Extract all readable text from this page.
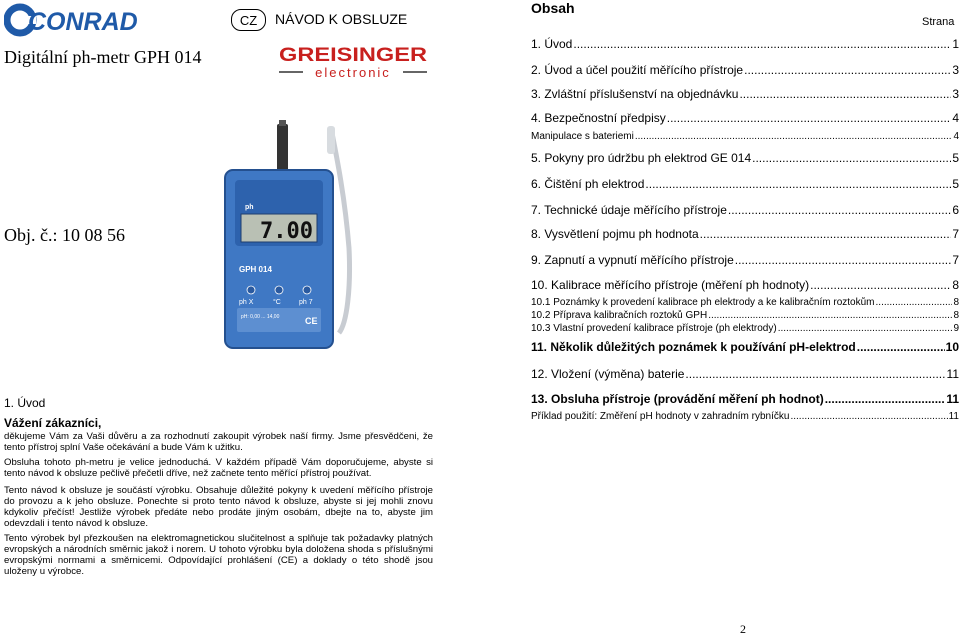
CONRAD	CZ NÁVOD K OBSLUZE
Digitální ph-metr GPH 014	GREISINGER
electronic
Obj. č.: 10 08 56
ph
7.00
GPH 014
ph X	°C	ph 7
pH: 0,00 ... 14,00	CE
1. Úvod
Vážení zákazníci,
děkujeme Vám za Vaši důvěru a za rozhodnutí zakoupit výrobek naší firmy. Jsme přesvědčeni, že tento přístroj splní Vaše očekávání a bude Vám k užitku.
Obsluha tohoto ph-metru je velice jednoduchá. V každém případě Vám doporučujeme, abyste si tento návod k obsluze pečlivě přečetli dříve, než začnete tento měřící přístroj používat.
Tento návod k obsluze je součástí výrobku. Obsahuje důležité pokyny k uvedení měřícího přístroje do provozu a k jeho obsluze. Ponechte si proto tento návod k obsluze, abyste si jej mohli znovu kdykoliv přečíst! Jestliže výrobek předáte nebo prodáte jiným osobám, dbejte na to, abyste jim odevzdali i tento návod k obsluze.
Tento výrobek byl přezkoušen na elektromagnetickou slučitelnost a splňuje tak požadavky platných evropských a národních směrnic jakož i norem. U tohoto výrobku byla doložena shoda s příslušnými evropskými normami a směrnicemi. Odpovídající prohlášení (CE) a doklady o této shodě jsou uloženy u výrobce.
Obsah
Strana
1. Úvod .....	1
2. Úvod a účel použití měřícího přístroje .....	3
3. Zvláštní příslušenství na objednávku .....	3
4. Bezpečnostní předpisy .....	4
Manipulace s bateriemi .....	4
5. Pokyny pro údržbu ph elektrod GE 014 .....	5
6. Čištění ph elektrod .....	5
7. Technické údaje měřícího přístroje .....	6
8. Vysvětlení pojmu ph hodnota .....	7
9. Zapnutí a vypnutí měřícího přístroje .....	7
10. Kalibrace měřícího přístroje (měření ph hodnoty) .....	8
10.1 Poznámky k provedení kalibrace ph elektrody a ke kalibračním roztokům .....	8
10.2 Příprava kalibračních roztoků GPH .....	8
10.3 Vlastní provedení kalibrace přístroje (ph elektrody) .....	9
11. Několik důležitých poznámek k používání pH-elektrod .....	10
12. Vložení (výměna) baterie .....	11
13. Obsluha přístroje (provádění měření ph hodnot) .....	11
Příklad použití: Změření pH hodnoty v zahradním rybníčku .....	11
2
